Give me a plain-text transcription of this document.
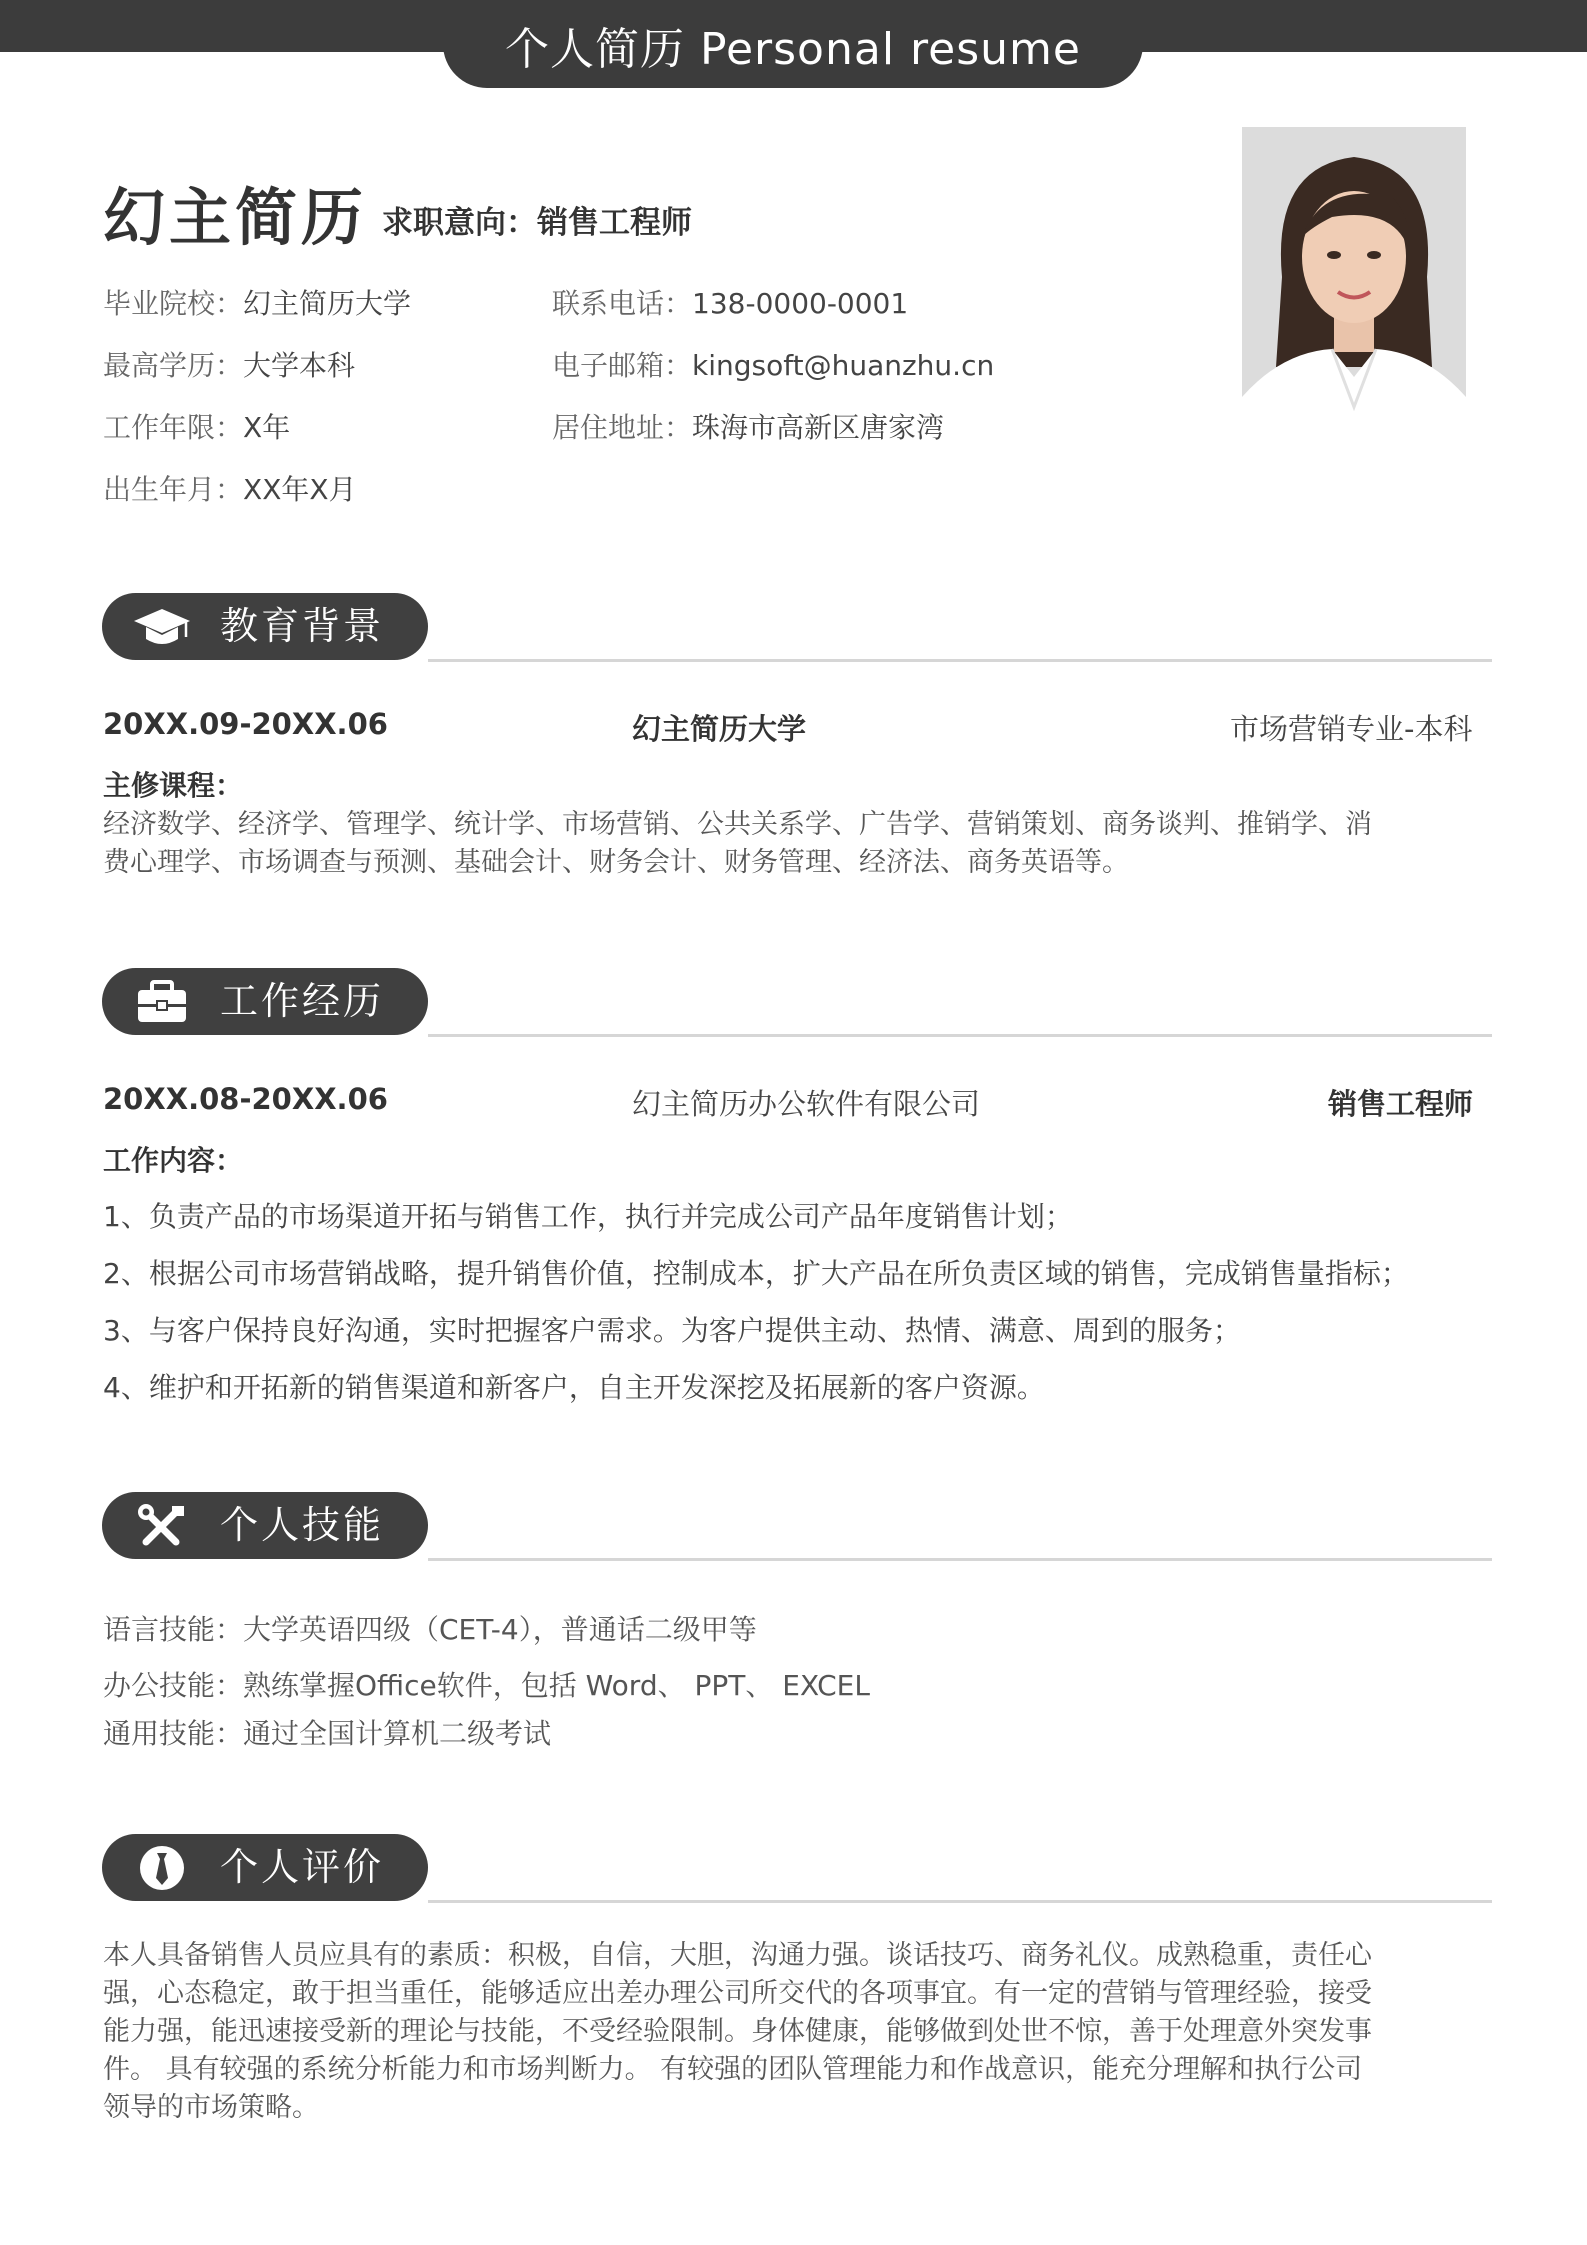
个人简历 Personal resume
幻主简历 求职意向：销售工程师
毕业院校：幻主简历大学
最高学历：大学本科
工作年限：X年
出生年月：XX年X月
联系电话：138-0000-0001
电子邮箱：kingsoft@huanzhu.cn
居住地址：珠海市高新区唐家湾
教育背景
20XX.09-20XX.06	幻主简历大学	市场营销专业-本科
主修课程：
经济数学、经济学、管理学、统计学、市场营销、公共关系学、广告学、营销策划、商务谈判、推销学、消
费心理学、市场调查与预测、基础会计、财务会计、财务管理、经济法、商务英语等。
工作经历
20XX.08-20XX.06	幻主简历办公软件有限公司	销售工程师
工作内容：
1、负责产品的市场渠道开拓与销售工作，执行并完成公司产品年度销售计划；
2、根据公司市场营销战略，提升销售价值，控制成本，扩大产品在所负责区域的销售，完成销售量指标；
3、与客户保持良好沟通，实时把握客户需求。为客户提供主动、热情、满意、周到的服务；
4、维护和开拓新的销售渠道和新客户，自主开发深挖及拓展新的客户资源。
个人技能
语言技能：大学英语四级（CET-4），普通话二级甲等
办公技能：熟练掌握Office软件，包括 Word、 PPT、 EXCEL
通用技能：通过全国计算机二级考试
个人评价
本人具备销售人员应具有的素质：积极，自信，大胆，沟通力强。谈话技巧、商务礼仪。成熟稳重，责任心
强，心态稳定，敢于担当重任，能够适应出差办理公司所交代的各项事宜。有一定的营销与管理经验，接受
能力强，能迅速接受新的理论与技能，不受经验限制。身体健康，能够做到处世不惊，善于处理意外突发事
件。 具有较强的系统分析能力和市场判断力。 有较强的团队管理能力和作战意识，能充分理解和执行公司
领导的市场策略。
